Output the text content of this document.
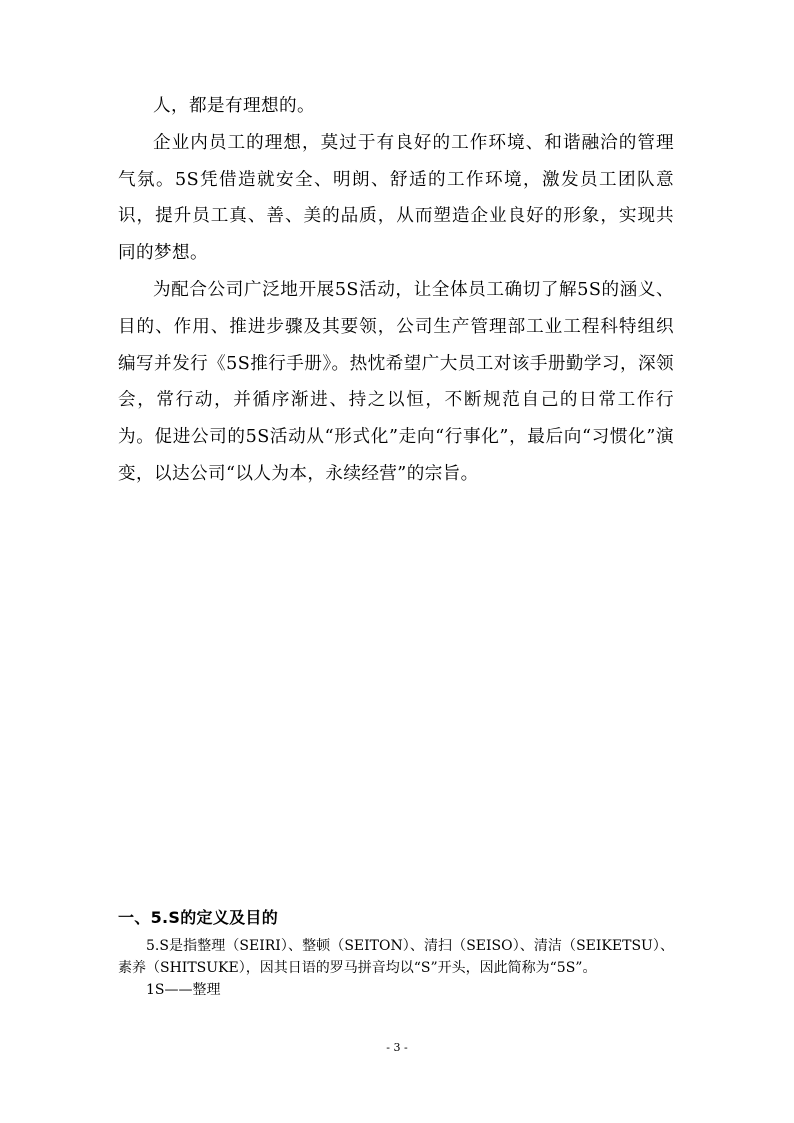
人，都是有理想的。

企业内员工的理想，莫过于有良好的工作环境、和谐融洽的管理气氛。5S凭借造就安全、明朗、舒适的工作环境，激发员工团队意识，提升员工真、善、美的品质，从而塑造企业良好的形象，实现共同的梦想。

为配合公司广泛地开展5S活动，让全体员工确切了解5S的涵义、目的、作用、推进步骤及其要领，公司生产管理部工业工程科特组织编写并发行《5S推行手册》。热忱希望广大员工对该手册勤学习，深领会，常行动，并循序渐进、持之以恒，不断规范自己的日常工作行为。促进公司的5S活动从“形式化”走向“行事化”，最后向“习惯化”演变，以达公司“以人为本，永续经营”的宗旨。

一、5.S的定义及目的

5.S是指整理（SEIRI）、整顿（SEITON）、清扫（SEISO）、清洁（SEIKETSU）、素养（SHITSUKE），因其日语的罗马拼音均以“S”开头，因此简称为“5S”。

1S——整理

- 3 -
